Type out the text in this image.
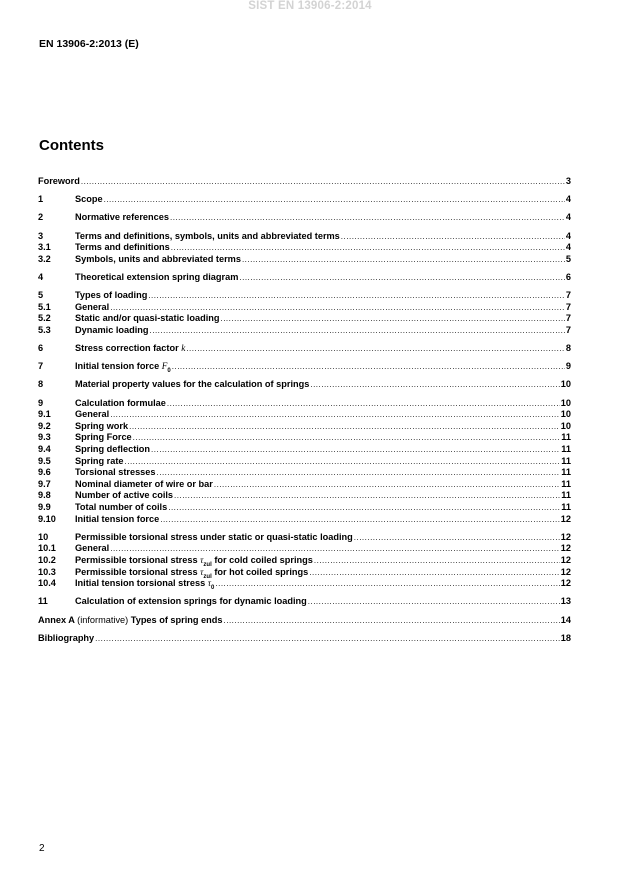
SIST EN 13906-2:2014
EN 13906-2:2013 (E)
Contents
Foreword .....	3
1	Scope .....	4
2	Normative references .....	4
3	Terms and definitions, symbols, units and abbreviated terms .....	4
3.1	Terms and definitions .....	4
3.2	Symbols, units and abbreviated terms .....	5
4	Theoretical extension spring diagram .....	6
5	Types of loading .....	7
5.1	General .....	7
5.2	Static and/or quasi-static loading .....	7
5.3	Dynamic loading .....	7
6	Stress correction factor k .....	8
7	Initial tension force $F_0$ .....	9
8	Material property values for the calculation of springs .....	10
9	Calculation formulae .....	10
9.1	General .....	10
9.2	Spring work .....	10
9.3	Spring Force .....	11
9.4	Spring deflection .....	11
9.5	Spring rate .....	11
9.6	Torsional stresses .....	11
9.7	Nominal diameter of wire or bar .....	11
9.8	Number of active coils .....	11
9.9	Total number of coils .....	11
9.10	Initial tension force .....	12
10	Permissible torsional stress under static or quasi-static loading .....	12
10.1	General .....	12
10.2	Permissible torsional stress $\tau_{zul}$ for cold coiled springs .....	12
10.3	Permissible torsional stress $\tau_{zul}$ for hot coiled springs .....	12
10.4	Initial tension torsional stress $\tau_0$ .....	12
11	Calculation of extension springs for dynamic loading .....	13
Annex A (informative) Types of spring ends .....	14
Bibliography .....	18
2
